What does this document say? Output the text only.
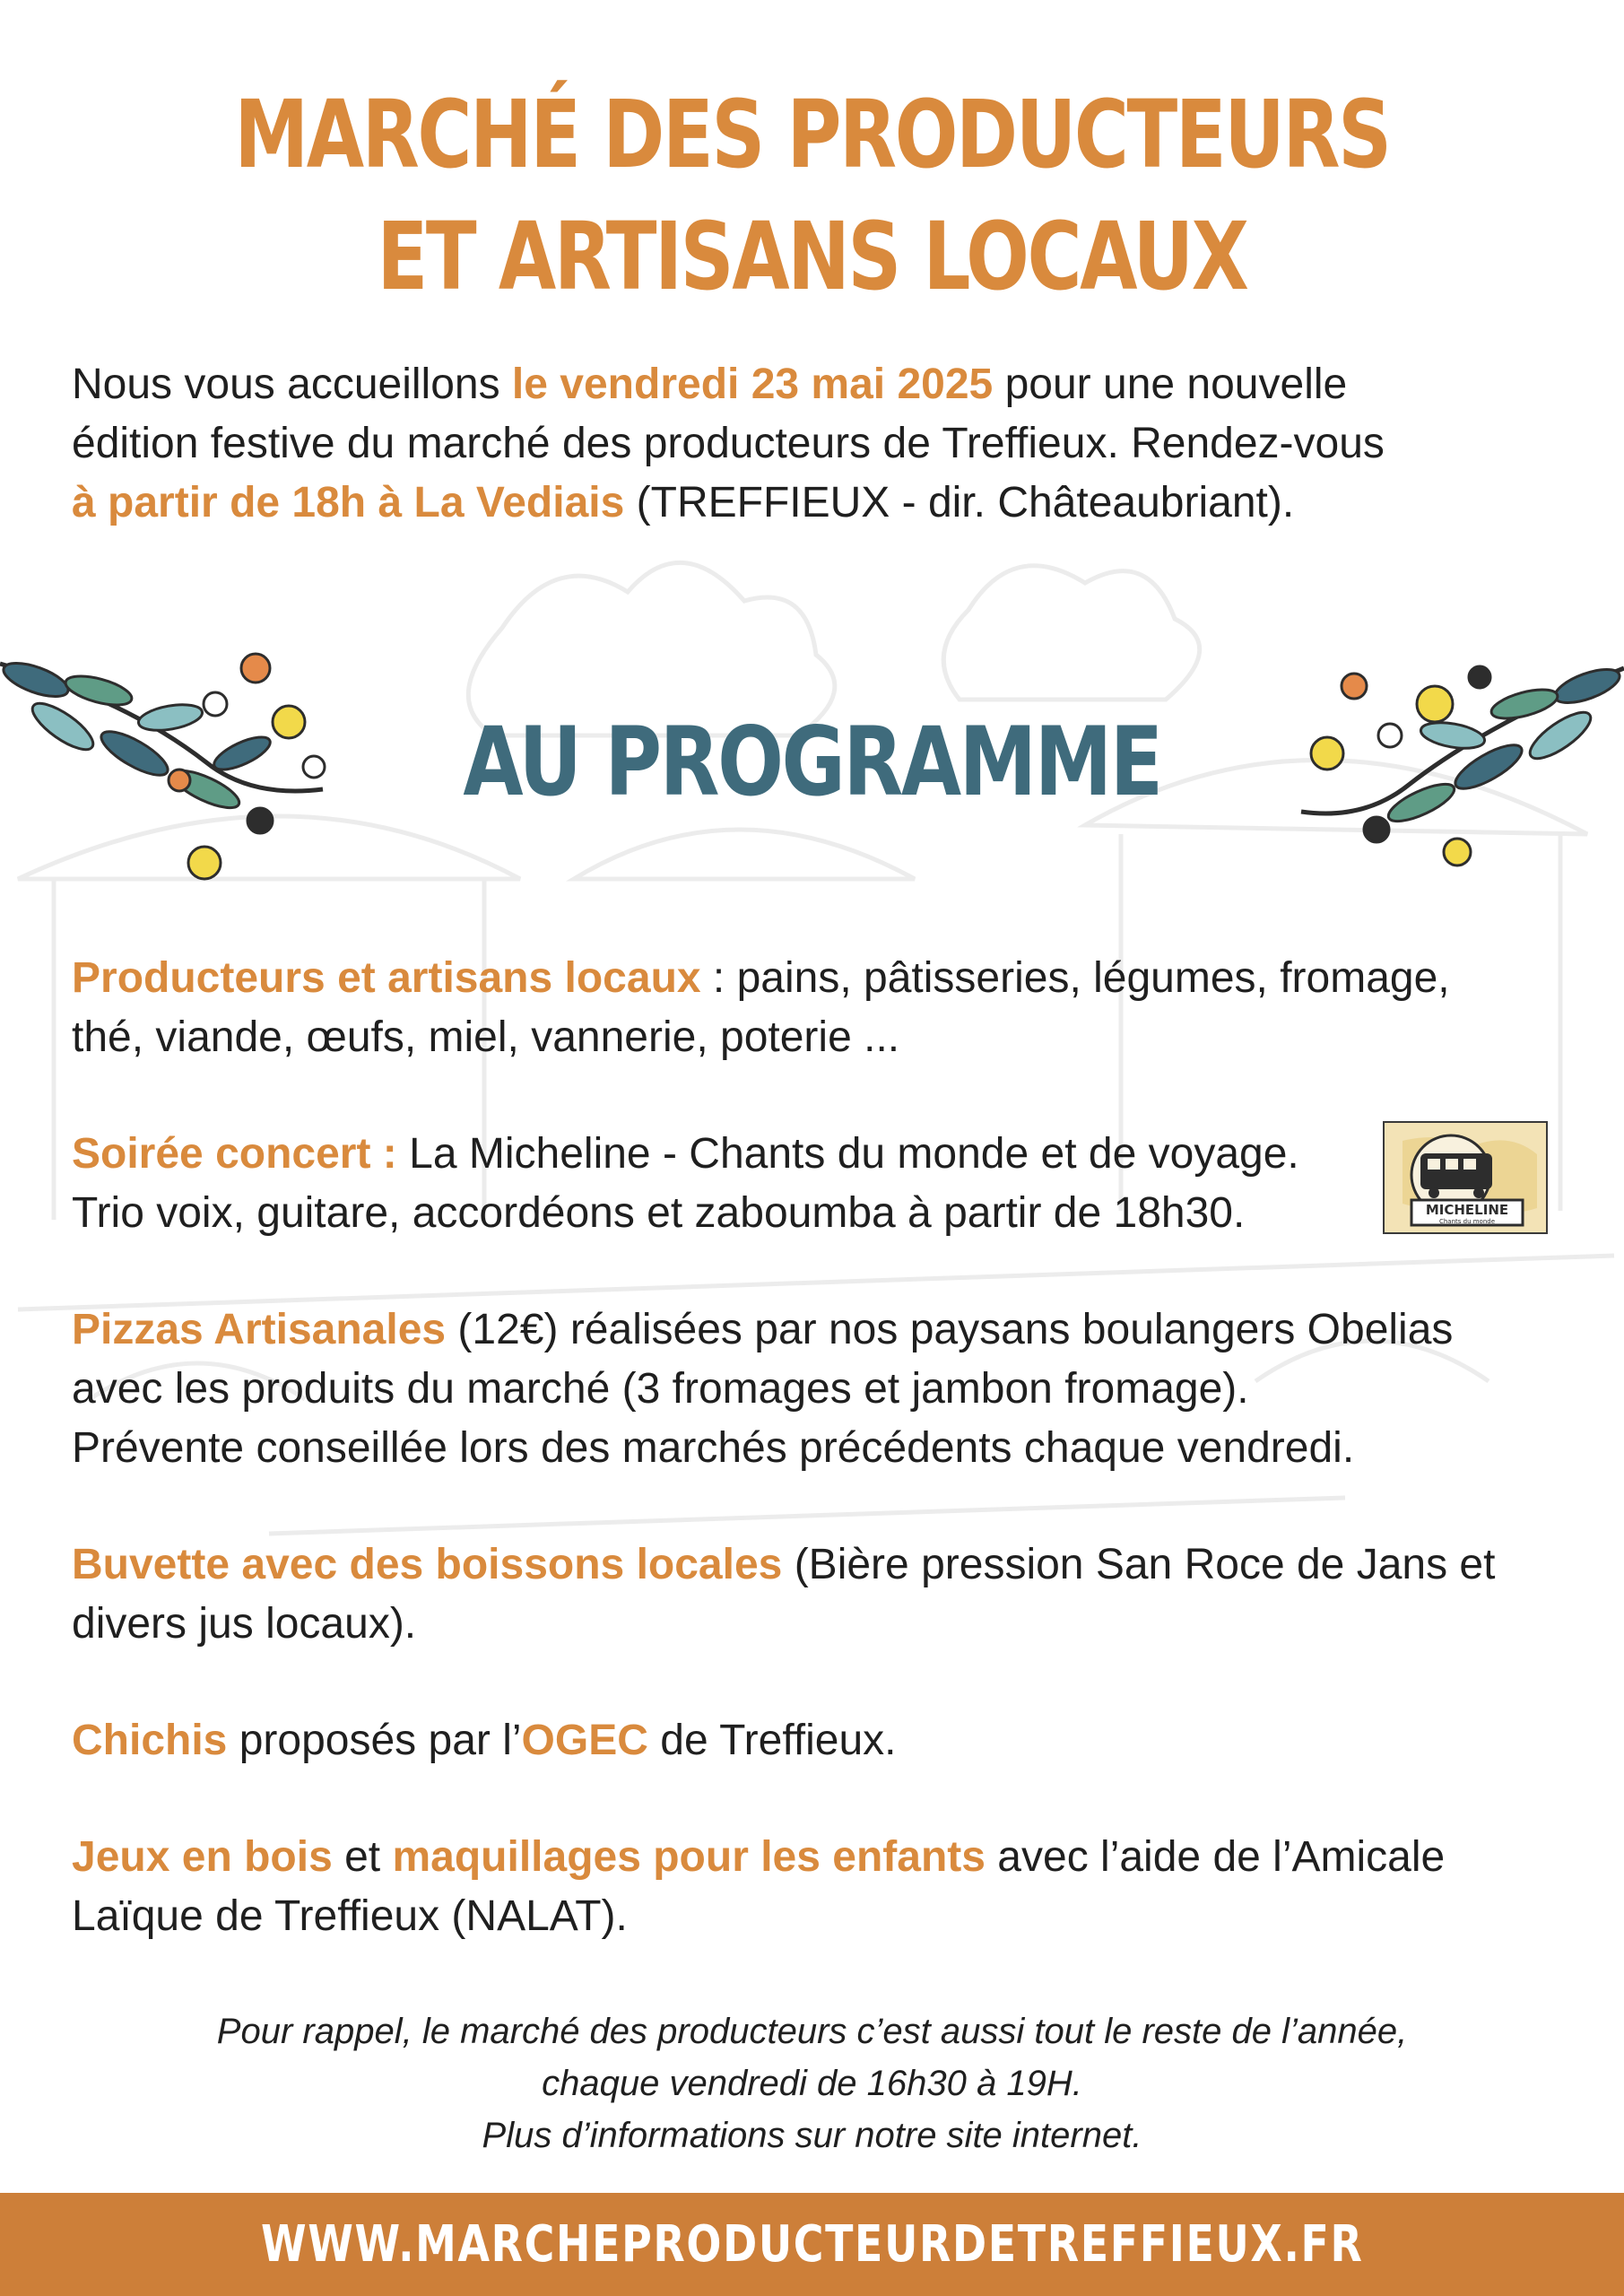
MARCHÉ DES PRODUCTEURS
ET ARTISANS LOCAUX
Nous vous accueillons le vendredi 23 mai 2025 pour une nouvelle
édition festive du marché des producteurs de Treffieux. Rendez-vous
à partir de 18h à La Vediais (TREFFIEUX - dir. Châteaubriant).
AU PROGRAMME
Producteurs et artisans locaux : pains, pâtisseries, légumes, fromage,
thé, viande, œufs, miel, vannerie, poterie ...
Soirée concert : La Micheline - Chants du monde et de voyage.
Trio voix, guitare, accordéons et zaboumba à partir de 18h30.
Pizzas Artisanales (12€) réalisées par nos paysans boulangers Obelias
avec les produits du marché (3 fromages et jambon fromage).
Prévente conseillée lors des marchés précédents chaque vendredi.
Buvette avec des boissons locales (Bière pression San Roce de Jans et
divers jus locaux).
Chichis proposés par l’OGEC de Treffieux.
Jeux en bois et maquillages pour les enfants avec l’aide de l’Amicale
Laïque de Treffieux (NALAT).
MICHELINE
Chants du monde
Pour rappel, le marché des producteurs c’est aussi tout le reste de l’année,
chaque vendredi de 16h30 à 19H.
Plus d’informations sur notre site internet.
WWW.MARCHEPRODUCTEURDETREFFIEUX.FR
